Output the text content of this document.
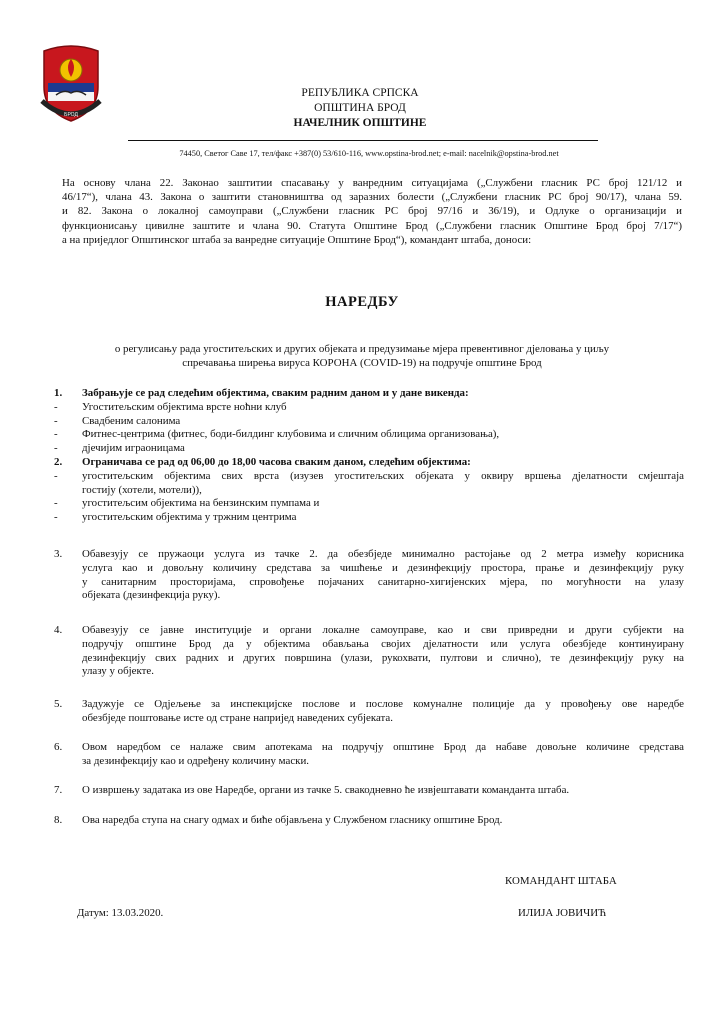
БРОД
РЕПУБЛИКА СРПСКА
ОПШТИНА БРОД
НАЧЕЛНИК ОПШТИНЕ
74450, Светог Саве 17, тел/факс +387(0) 53/610-116, www.opstina-brod.net; e-mail: nacelnik@opstina-brod.net
На основу члана 22. Законао заштитии спасавању у ванредним ситуацијама („Службени гласник РС број 121/12 и
46/17“), члана 43. Закона о заштити становништва од заразних болести („Службени гласник РС број 90/17), члана 59.
и 82. Закона о локалној самоуправи („Службени гласник РС број 97/16 и 36/19), и Одлуке о организацији и
функционисању цивилне заштите и члана 90. Статута Општине Брод („Службени гласник Општине Брод број 7/17“)
а на приједлог Општинског штаба за ванредне ситуације Општине Брод“), командант штаба, доноси:
НАРЕДБУ
о регулисању рада угоститељских и других објеката и предузимање мјера превентивног дјеловања у циљу
спречавања ширења вируса КОРОНА (COVID-19) на подручје општине Брод
1.	Забрањује се рад следећим објектима, сваким радним даном и у дане викенда:
-	Угоститељским објектима врсте ноћни клуб
-	Свадбеним салонима
-	Фитнес-центрима (фитнес, боди-билдинг клубовима и сличним облицима организовања),
-	дјечијим играоницама
2.	Ограничава се рад од 06,00 до 18,00 часова сваким даном, следећим објектима:
-	угоститељским објектима свих врста (изузев угоститељских објеката у оквиру вршења дјелатности смјештаја
гостију (хотели, мотели)),
-	угоститељсим објектима на бензинским пумпама и
-	угоститељским објектима у тржним центрима
3.	Обавезују се пружаоци услуга из тачке 2. да обезбједе минимално растојање од 2 метра између корисника
услуга као и довољну количину средстава за чишћење и дезинфекцију простора, прање и дезинфекцију руку
у санитарним просторијама, спровођење појачаних санитарно-хигијенских мјера, по могућности на улазу
објеката (дезинфекција руку).
4.	Обавезују се јавне институције и органи локалне самоуправе, као и сви привредни и други субјекти на
подручју општине Брод да у објектима обављања својих дјелатности или услуга обезбједе континуирану
дезинфекцију свих радних и других површина (улази, рукохвати, пултови и слично), те дезинфекцију руку на
улазу у објекте.
5.	Задужује се Одјељење за инспекцијске послове и послове комуналне полиције да у провођењу ове наредбе
обезбједе поштовање исте од стране напријед наведених субјеката.
6.	Овом наредбом се налаже свим апотекама на подручју општине Брод да набаве довољне количине средстава
за дезинфекцију као и одређену количину маски.
7.	О извршењу задатака из ове Наредбе, органи из тачке 5. свакодневно ће извјештавати команданта штаба.
8.	Ова наредба ступа на снагу одмах и биће објављена у Службеном гласнику општине Брод.
КОМАНДАНТ ШТАБА
Датум: 13.03.2020.	ИЛИЈА ЈОВИЧИЋ
